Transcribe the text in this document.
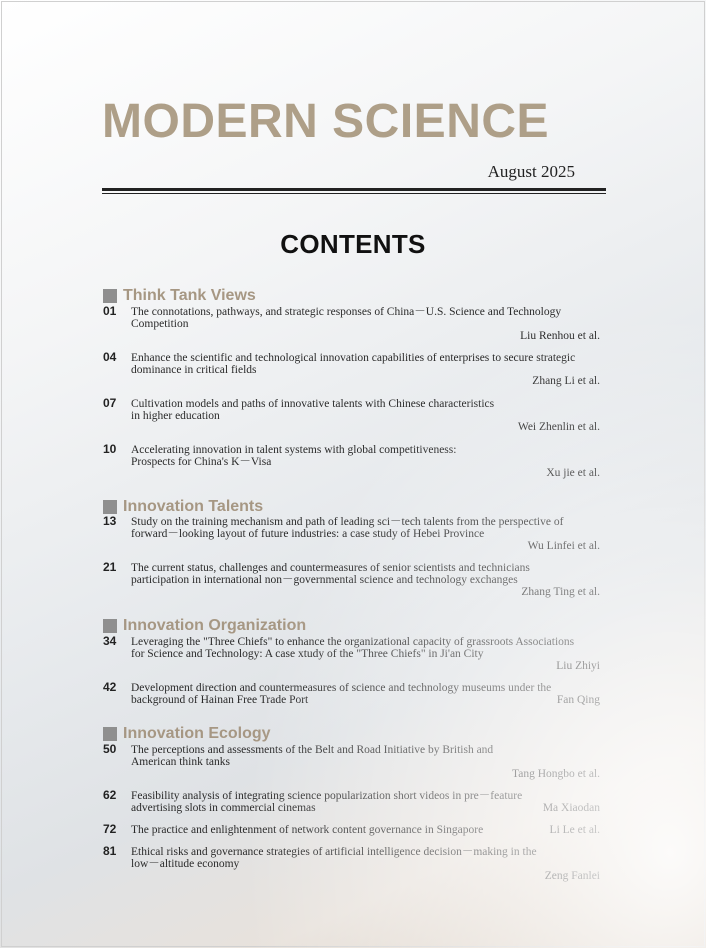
MODERN SCIENCE
August 2025
CONTENTS
Think Tank Views
01 The connotations, pathways, and strategic responses of China－U.S. Science and Technology
Competition
Liu Renhou et al.
04 Enhance the scientific and technological innovation capabilities of enterprises to secure strategic
dominance in critical fields
Zhang Li et al.
07 Cultivation models and paths of innovative talents with Chinese characteristics
in higher education
Wei Zhenlin et al.
10 Accelerating innovation in talent systems with global competitiveness:
Prospects for China's K－Visa
Xu jie et al.
Innovation Talents
13 Study on the training mechanism and path of leading sci－tech talents from the perspective of
forward－looking layout of future industries: a case study of Hebei Province
Wu Linfei et al.
21 The current status, challenges and countermeasures of senior scientists and technicians
participation in international non－governmental science and technology exchanges
Zhang Ting et al.
Innovation Organization
34 Leveraging the "Three Chiefs" to enhance the organizational capacity of grassroots Associations
for Science and Technology: A case xtudy of the "Three Chiefs" in Ji'an City
Liu Zhiyi
42 Development direction and countermeasures of science and technology museums under the
background of Hainan Free Trade Port	Fan Qing
Innovation Ecology
50 The perceptions and assessments of the Belt and Road Initiative by British and
American think tanks
Tang Hongbo et al.
62 Feasibility analysis of integrating science popularization short videos in pre－feature
advertising slots in commercial cinemas	Ma Xiaodan
72 The practice and enlightenment of network content governance in Singapore	Li Le et al.
81 Ethical risks and governance strategies of artificial intelligence decision－making in the
low－altitude economy
Zeng Fanlei
